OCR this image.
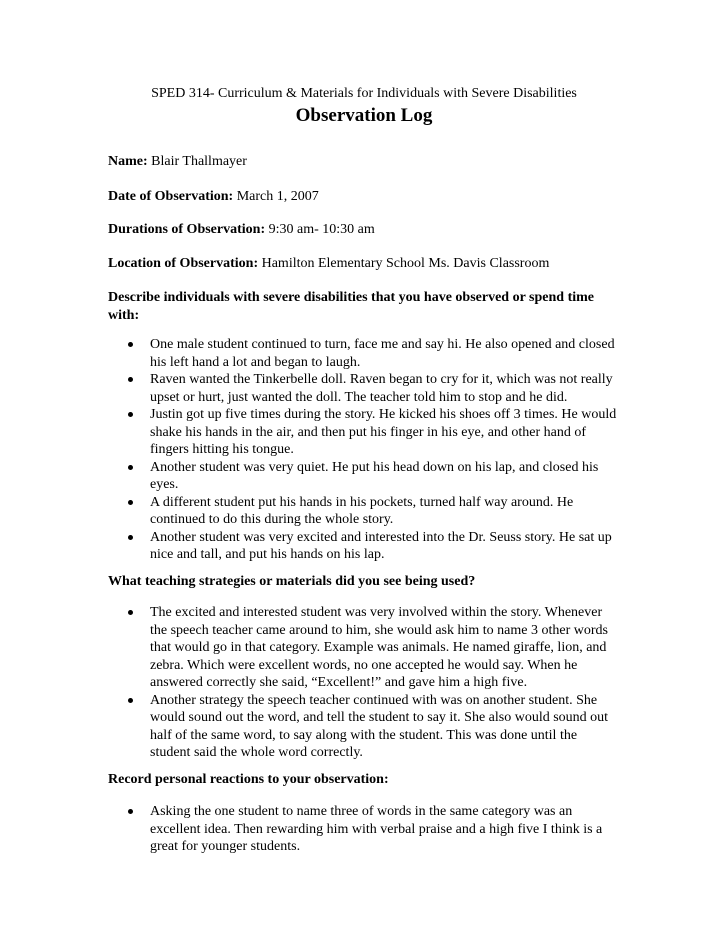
SPED 314- Curriculum & Materials for Individuals with Severe Disabilities
Observation Log
Name: Blair Thallmayer
Date of Observation: March 1, 2007
Durations of Observation: 9:30 am- 10:30 am
Location of Observation: Hamilton Elementary School Ms. Davis Classroom
Describe individuals with severe disabilities that you have observed or spend time with:
One male student continued to turn, face me and say hi. He also opened and closed his left hand a lot and began to laugh.
Raven wanted the Tinkerbelle doll. Raven began to cry for it, which was not really upset or hurt, just wanted the doll. The teacher told him to stop and he did.
Justin got up five times during the story. He kicked his shoes off 3 times. He would shake his hands in the air, and then put his finger in his eye, and other hand of fingers hitting his tongue.
Another student was very quiet. He put his head down on his lap, and closed his eyes.
A different student put his hands in his pockets, turned half way around. He continued to do this during the whole story.
Another student was very excited and interested into the Dr. Seuss story. He sat up nice and tall, and put his hands on his lap.
What teaching strategies or materials did you see being used?
The excited and interested student was very involved within the story. Whenever the speech teacher came around to him, she would ask him to name 3 other words that would go in that category. Example was animals. He named giraffe, lion, and zebra. Which were excellent words, no one accepted he would say. When he answered correctly she said, “Excellent!” and gave him a high five.
Another strategy the speech teacher continued with was on another student. She would sound out the word, and tell the student to say it. She also would sound out half of the same word, to say along with the student. This was done until the student said the whole word correctly.
Record personal reactions to your observation:
Asking the one student to name three of words in the same category was an excellent idea. Then rewarding him with verbal praise and a high five I think is a great for younger students.
